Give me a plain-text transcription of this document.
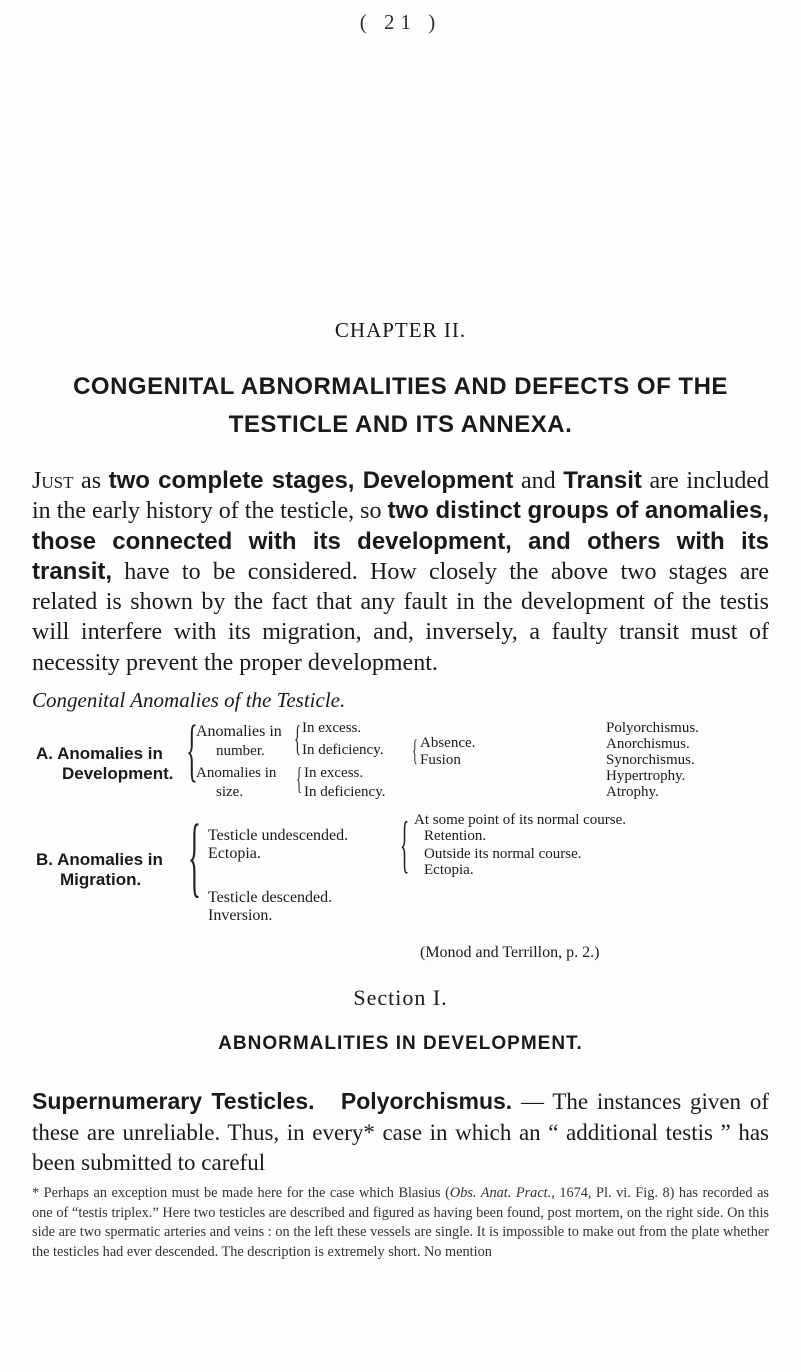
( 21 )
CHAPTER II.
CONGENITAL ABNORMALITIES AND DEFECTS OF THE TESTICLE AND ITS ANNEXA.
Just as two complete stages, Development and Transit are included in the early history of the testicle, so two distinct groups of anomalies, those connected with its development, and others with its transit, have to be considered. How closely the above two stages are related is shown by the fact that any fault in the development of the testis will interfere with its migration, and, inversely, a faulty transit must of necessity prevent the proper development.
Congenital Anomalies of the Testicle.
A. Anomalies in
Development. {
Anomalies in
number. { In excess.
In deficiency. { Absence.
Fusion
Anomalies in
size. { In excess.
In deficiency.
Polyorchismus.
Anorchismus.
Synorchismus.
Hypertrophy.
Atrophy.
B. Anomalies in
Migration. { Testicle undescended.
Ectopia. { At some point of its normal course.
Retention.
Outside its normal course.
Ectopia.
Testicle descended.
Inversion.
(Monod and Terrillon, p. 2.)
Section I.
ABNORMALITIES IN DEVELOPMENT.
Supernumerary Testicles. Polyorchismus. — The instances given of these are unreliable. Thus, in every* case in which an “ additional testis ” has been submitted to careful
* Perhaps an exception must be made here for the case which Blasius (Obs. Anat. Pract., 1674, Pl. vi. Fig. 8) has recorded as one of “testis triplex.” Here two testicles are described and figured as having been found, post mortem, on the right side. On this side are two spermatic arteries and veins : on the left these vessels are single. It is impossible to make out from the plate whether the testicles had ever descended. The description is extremely short. No mention
